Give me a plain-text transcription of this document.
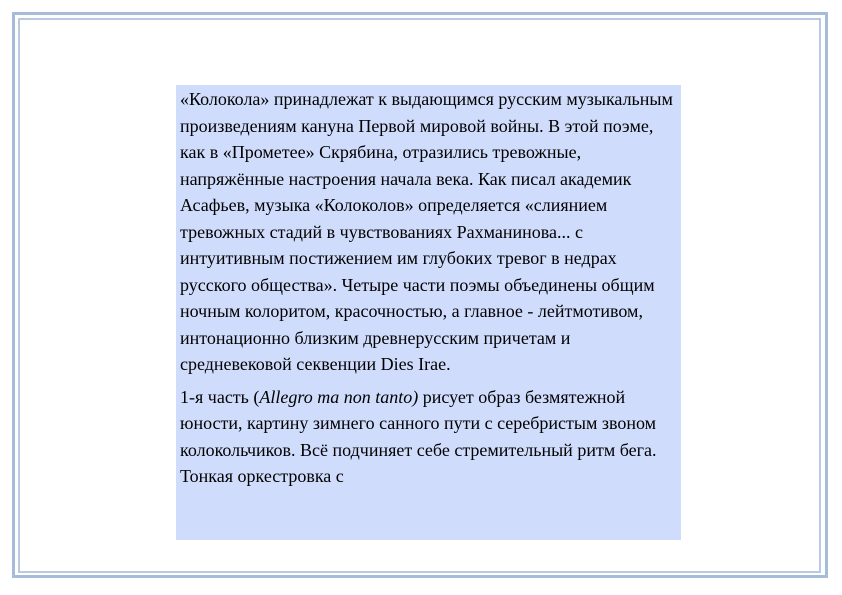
«Колокола» принадлежат к выдающимся русским музыкальным произведениям кануна Первой мировой войны. В этой поэме, как в «Прометее» Скрябина, отразились тревожные, напряжённые настроения начала века. Как писал академик Асафьев, музыка «Колоколов» определяется «слиянием тревожных стадий в чувствованиях Рахманинова... с интуитивным постижением им глубоких тревог в недрах русского общества». Четыре части поэмы объединены общим ночным колоритом, красочностью, а главное - лейтмотивом, интонационно близким древнерусским причетам и средневековой секвенции Dies Irae.

1-я часть (Allegro ma non tanto) рисует образ безмятежной юности, картину зимнего санного пути с серебристым звоном колокольчиков. Всё подчиняет себе стремительный ритм бега. Тонкая оркестровка с
